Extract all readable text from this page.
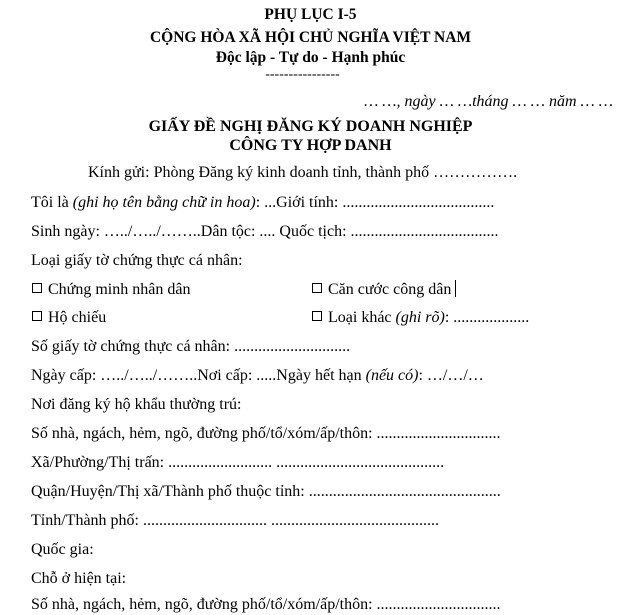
PHỤ LỤC I-5
CỘNG HÒA XÃ HỘI CHỦ NGHĨA VIỆT NAM
Độc lập - Tự do - Hạnh phúc
----------------
… …, ngày … …tháng … … năm … …
GIẤY ĐỀ NGHỊ ĐĂNG KÝ DOANH NGHIỆP
CÔNG TY HỢP DANH
Kính gửi: Phòng Đăng ký kinh doanh tỉnh, thành phố …………….
Tôi là (ghi họ tên bằng chữ in hoa): ...Giới tính: ......................................
Sinh ngày: …../…../……..Dân tộc: .... Quốc tịch: .....................................
Loại giấy tờ chứng thực cá nhân:
Chứng minh nhân dân	Căn cước công dân
Hộ chiếu	Loại khác (ghi rõ): ...................
Số giấy tờ chứng thực cá nhân: .............................
Ngày cấp: …../…../……..Nơi cấp: .....Ngày hết hạn (nếu có): …/…/…
Nơi đăng ký hộ khẩu thường trú:
Số nhà, ngách, hẻm, ngõ, đường phố/tổ/xóm/ấp/thôn: ...............................
Xã/Phường/Thị trấn: .......................... ..........................................
Quận/Huyện/Thị xã/Thành phố thuộc tỉnh: ................................................
Tỉnh/Thành phố: ............................... ..........................................
Quốc gia:
Chỗ ở hiện tại:
Số nhà, ngách, hẻm, ngõ, đường phố/tổ/xóm/ấp/thôn: ...............................
